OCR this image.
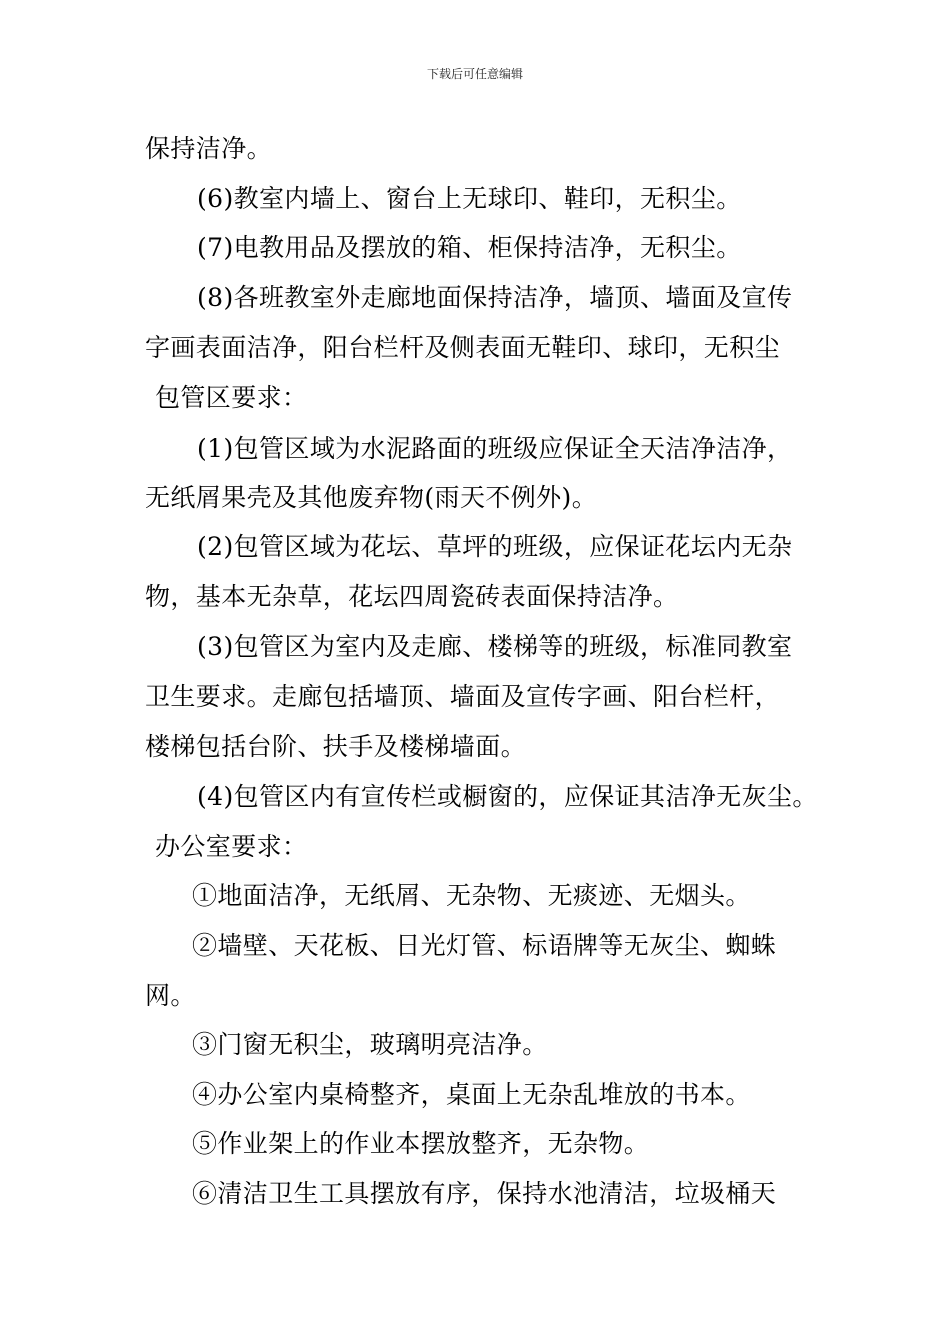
下载后可任意编辑
保持洁净。
(6)教室内墙上、窗台上无球印、鞋印，无积尘。
(7)电教用品及摆放的箱、柜保持洁净，无积尘。
(8)各班教室外走廊地面保持洁净，墙顶、墙面及宣传
字画表面洁净，阳台栏杆及侧表面无鞋印、球印，无积尘
包管区要求：
(1)包管区域为水泥路面的班级应保证全天洁净洁净，
无纸屑果壳及其他废弃物(雨天不例外)。
(2)包管区域为花坛、草坪的班级，应保证花坛内无杂
物，基本无杂草，花坛四周瓷砖表面保持洁净。
(3)包管区为室内及走廊、楼梯等的班级，标准同教室
卫生要求。走廊包括墙顶、墙面及宣传字画、阳台栏杆，
楼梯包括台阶、扶手及楼梯墙面。
(4)包管区内有宣传栏或橱窗的，应保证其洁净无灰尘。
办公室要求：
①地面洁净，无纸屑、无杂物、无痰迹、无烟头。
②墙壁、天花板、日光灯管、标语牌等无灰尘、蜘蛛
网。
③门窗无积尘，玻璃明亮洁净。
④办公室内桌椅整齐，桌面上无杂乱堆放的书本。
⑤作业架上的作业本摆放整齐，无杂物。
⑥清洁卫生工具摆放有序，保持水池清洁，垃圾桶天
